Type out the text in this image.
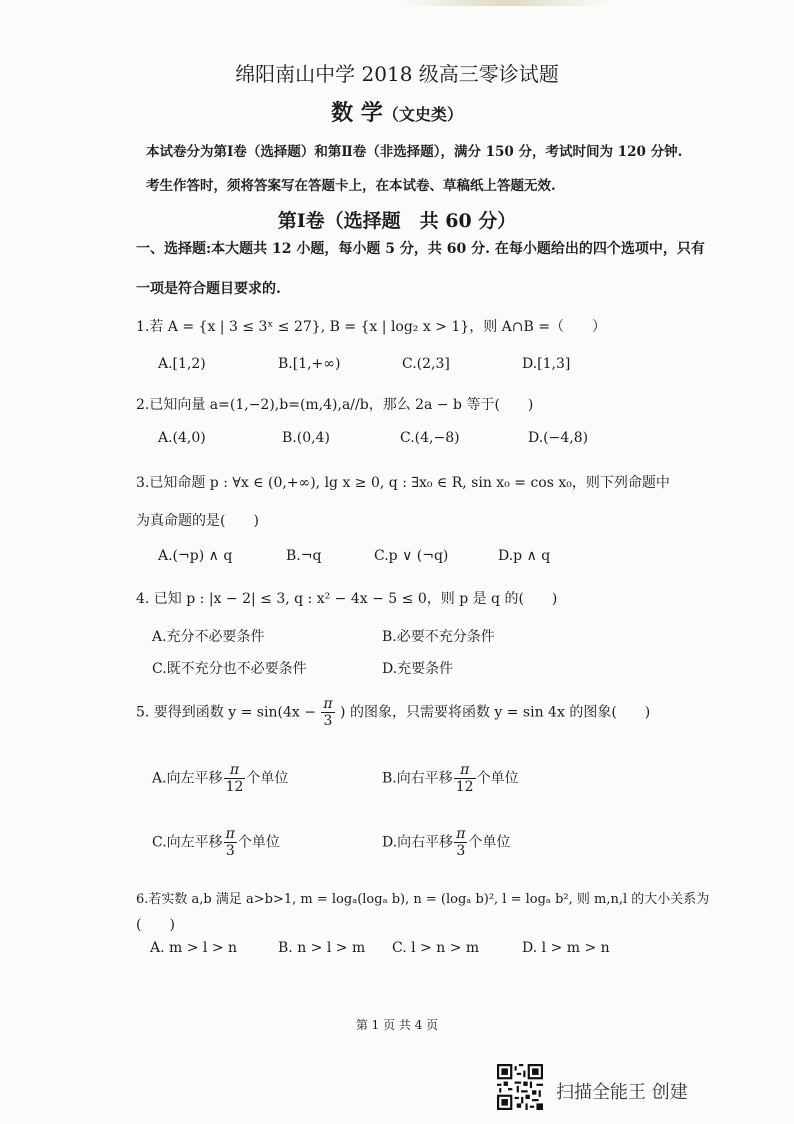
绵阳南山中学 2018 级高三零诊试题
数 学（文史类）
本试卷分为第Ⅰ卷（选择题）和第Ⅱ卷（非选择题），满分 150 分，考试时间为 120 分钟.
考生作答时，须将答案写在答题卡上，在本试卷、草稿纸上答题无效.
第Ⅰ卷（选择题　共 60 分）
一、选择题:本大题共 12 小题，每小题 5 分，共 60 分. 在每小题给出的四个选项中，只有
一项是符合题目要求的.
1.若 A = {x | 3 ≤ 3ˣ ≤ 27}, B = {x | log₂ x > 1}，则 A∩B =（　　）
A.[1,2)	B.[1,+∞)	C.(2,3]	D.[1,3]
2.已知向量 a=(1,−2),b=(m,4),a//b，那么 2a − b 等于(　　)
A.(4,0)	B.(0,4)	C.(4,−8)	D.(−4,8)
3.已知命题 p : ∀x ∈ (0,+∞), lg x ≥ 0, q : ∃x₀ ∈ R, sin x₀ = cos x₀，则下列命题中
为真命题的是(　　)
A.(¬p) ∧ q	B.¬q	C.p ∨ (¬q)	D.p ∧ q
4. 已知 p : |x − 2| ≤ 3, q : x² − 4x − 5 ≤ 0，则 p 是 q 的(　　)
A.充分不必要条件	B.必要不充分条件
C.既不充分也不必要条件	D.充要条件
5. 要得到函数 $y = \sin(4x - \frac{\pi}{3}$ ) 的图象，只需要将函数 y = sin 4x 的图象(　　)
A.向左平移 $\frac{\pi}{12}$ 个单位	B.向右平移 $\frac{\pi}{12}$ 个单位
C.向左平移 $\frac{\pi}{3}$ 个单位	D.向右平移 $\frac{\pi}{3}$ 个单位
6.若实数 a,b 满足 a>b>1, m = logₐ(logₐ b), n = (logₐ b)², l = logₐ b², 则 m,n,l 的大小关系为
(　　)
A. m > l > n	B. n > l > m C. l > n > m	D. l > m > n
第 1 页 共 4 页
扫描全能王 创建
